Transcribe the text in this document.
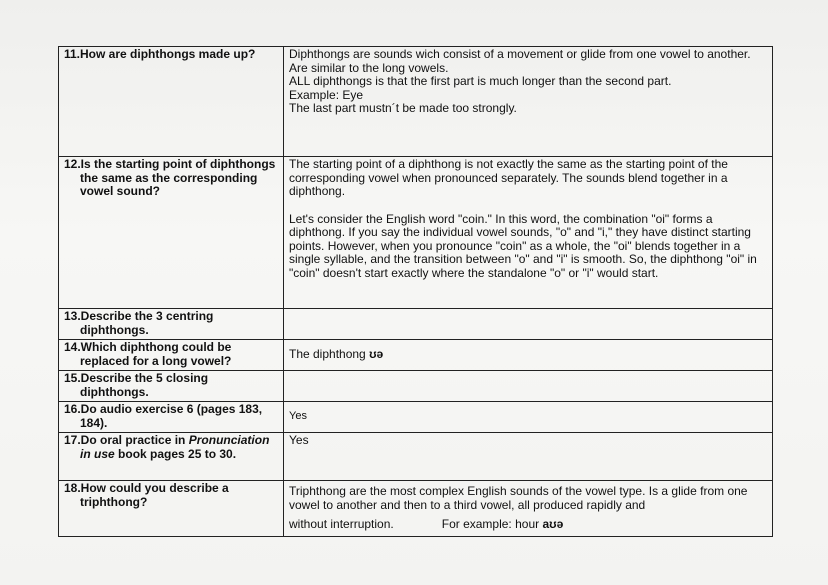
11.How are diphthongs made up?	Diphthongs are sounds wich consist of a movement or glide from one vowel to another.

Are similar to the long vowels.

ALL diphthongs is that the first part is much longer than the second part.

Example: Eye

The last part mustn´t be made too strongly.

12.Is the starting point of diphthongs the same as the corresponding vowel sound?	The starting point of a diphthong is not exactly the same as the starting point of the corresponding vowel when pronounced separately. The sounds blend together in a diphthong.

Let's consider the English word "coin." In this word, the combination "oi" forms a diphthong. If you say the individual vowel sounds, "o" and "i," they have distinct starting points. However, when you pronounce "coin" as a whole, the "oi" blends together in a single syllable, and the transition between "o" and "i" is smooth. So, the diphthong "oi" in "coin" doesn't start exactly where the standalone "o" or "i" would start.

13.Describe the 3 centring diphthongs.	

14.Which diphthong could be replaced for a long vowel?	The diphthong ʊə

15.Describe the 5 closing diphthongs.	

16.Do audio exercise 6 (pages 183, 184).	Yes

17.Do oral practice in Pronunciation in use book pages 25 to 30.	Yes

18.How could you describe a triphthong?	Triphthong are the most complex English sounds of the vowel type. Is a glide from one vowel to another and then to a third vowel, all produced rapidly and

without interruption. For example: hour aʊə
